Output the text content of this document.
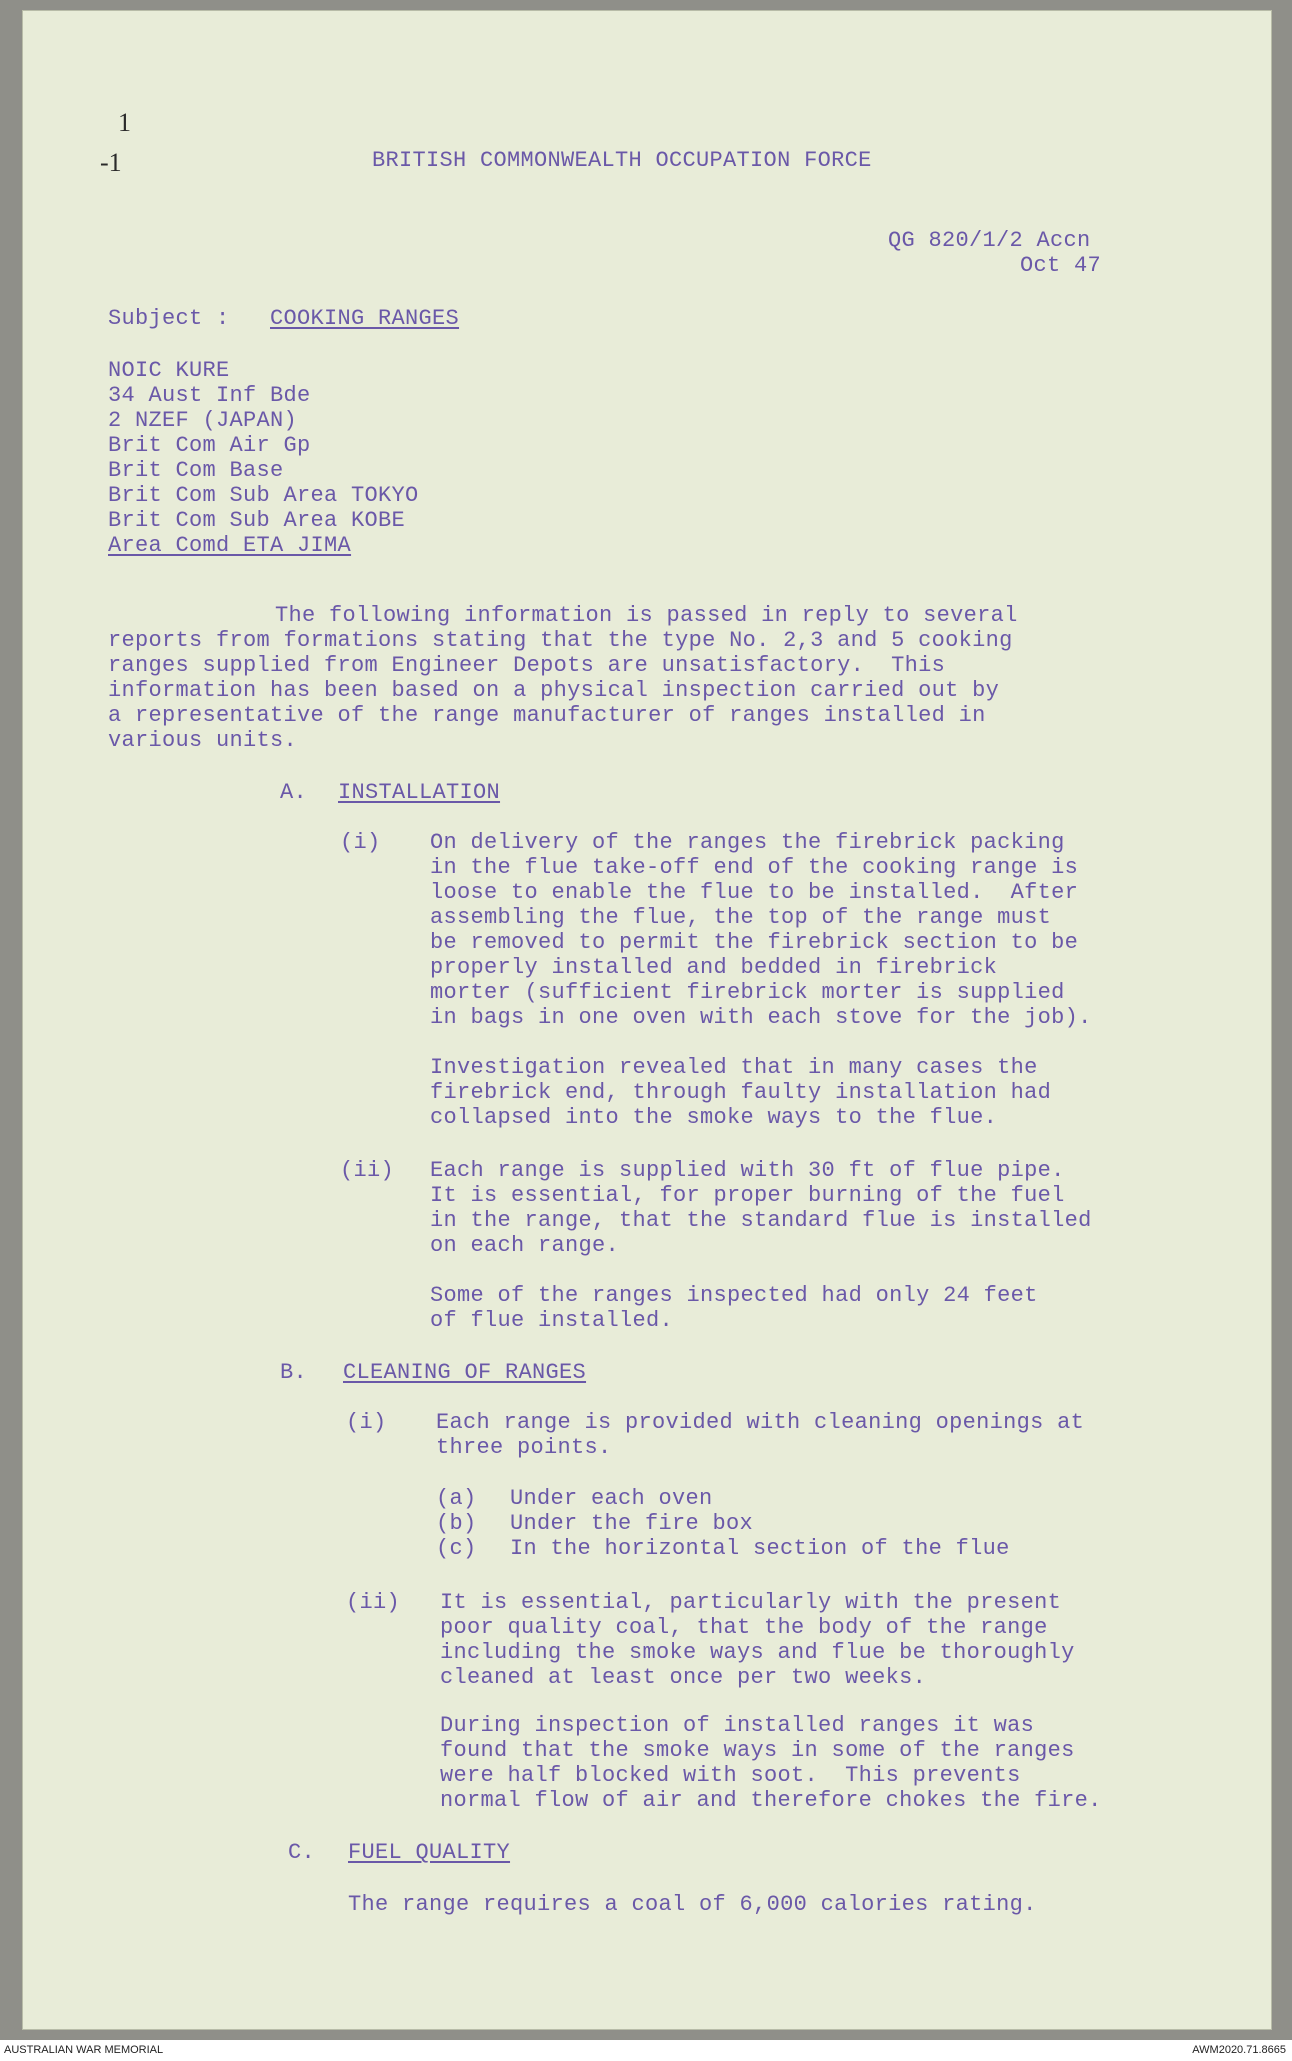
1
-1	BRITISH COMMONWEALTH OCCUPATION FORCE
QG 820/1/2 Accn
Oct 47
Subject : COOKING RANGES
NOIC KURE
34 Aust Inf Bde
2 NZEF (JAPAN)
Brit Com Air Gp
Brit Com Base
Brit Com Sub Area TOKYO
Brit Com Sub Area KOBE
Area Comd ETA JIMA
The following information is passed in reply to several
reports from formations stating that the type No. 2,3 and 5 cooking
ranges supplied from Engineer Depots are unsatisfactory.  This
information has been based on a physical inspection carried out by
a representative of the range manufacturer of ranges installed in
various units.
A. INSTALLATION
(i) On delivery of the ranges the firebrick packing
in the flue take-off end of the cooking range is
loose to enable the flue to be installed.  After
assembling the flue, the top of the range must
be removed to permit the firebrick section to be
properly installed and bedded in firebrick
morter (sufficient firebrick morter is supplied
in bags in one oven with each stove for the job).
Investigation revealed that in many cases the
firebrick end, through faulty installation had
collapsed into the smoke ways to the flue.
(ii) Each range is supplied with 30 ft of flue pipe.
It is essential, for proper burning of the fuel
in the range, that the standard flue is installed
on each range.
Some of the ranges inspected had only 24 feet
of flue installed.
B. CLEANING OF RANGES
(i) Each range is provided with cleaning openings at
three points.
(a) Under each oven
(b) Under the fire box
(c) In the horizontal section of the flue
(ii) It is essential, particularly with the present
poor quality coal, that the body of the range
including the smoke ways and flue be thoroughly
cleaned at least once per two weeks.
During inspection of installed ranges it was
found that the smoke ways in some of the ranges
were half blocked with soot.  This prevents
normal flow of air and therefore chokes the fire.
C. FUEL QUALITY
The range requires a coal of 6,000 calories rating.
AUSTRALIAN WAR MEMORIAL	AWM2020.71.8665
